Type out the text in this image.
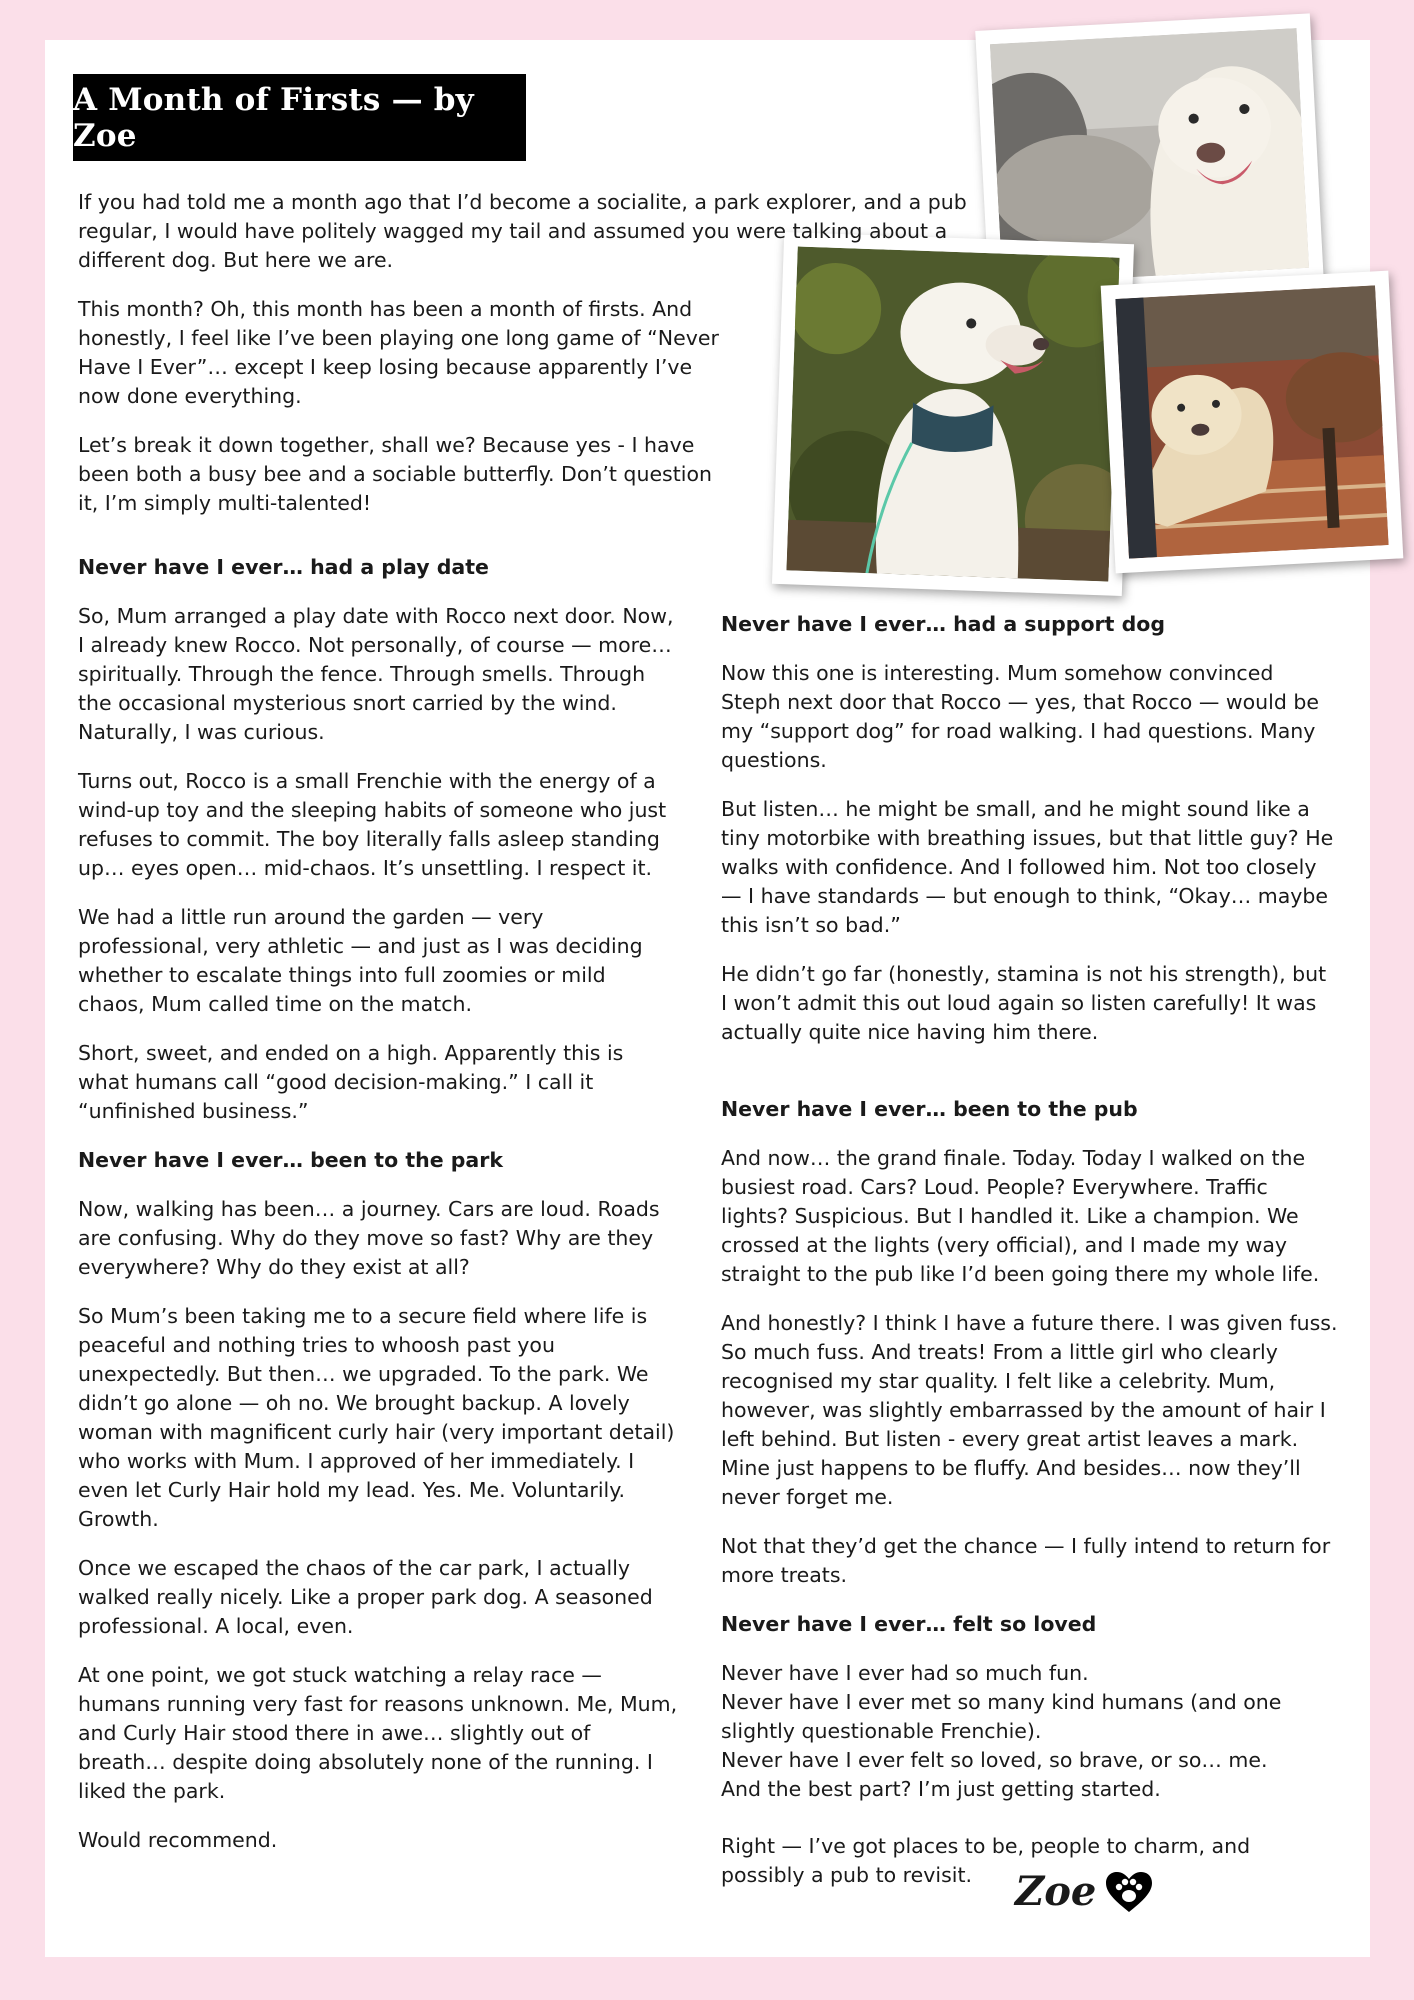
A Month of Firsts — by Zoe

If you had told me a month ago that I’d become a socialite, a park explorer, and a pub regular, I would have politely wagged my tail and assumed you were talking about a different dog. But here we are.

This month? Oh, this month has been a month of firsts. And honestly, I feel like I’ve been playing one long game of “Never Have I Ever”… except I keep losing because apparently I’ve now done everything.

Let’s break it down together, shall we? Because yes - I have been both a busy bee and a sociable butterfly. Don’t question it, I’m simply multi-talented!

Never have I ever… had a play date

So, Mum arranged a play date with Rocco next door. Now, I already knew Rocco. Not personally, of course — more… spiritually. Through the fence. Through smells. Through the occasional mysterious snort carried by the wind. Naturally, I was curious.

Turns out, Rocco is a small Frenchie with the energy of a wind-up toy and the sleeping habits of someone who just refuses to commit. The boy literally falls asleep standing up… eyes open… mid-chaos. It’s unsettling. I respect it.

We had a little run around the garden — very professional, very athletic — and just as I was deciding whether to escalate things into full zoomies or mild chaos, Mum called time on the match.

Short, sweet, and ended on a high. Apparently this is what humans call “good decision-making.” I call it “unfinished business.”

Never have I ever… been to the park

Now, walking has been… a journey. Cars are loud. Roads are confusing. Why do they move so fast? Why are they everywhere? Why do they exist at all?

So Mum’s been taking me to a secure field where life is peaceful and nothing tries to whoosh past you unexpectedly. But then… we upgraded. To the park. We didn’t go alone — oh no. We brought backup. A lovely woman with magnificent curly hair (very important detail) who works with Mum. I approved of her immediately. I even let Curly Hair hold my lead. Yes. Me. Voluntarily. Growth.

Once we escaped the chaos of the car park, I actually walked really nicely. Like a proper park dog. A seasoned professional. A local, even.

At one point, we got stuck watching a relay race — humans running very fast for reasons unknown. Me, Mum, and Curly Hair stood there in awe… slightly out of breath… despite doing absolutely none of the running. I liked the park.

Would recommend.

Never have I ever… had a support dog

Now this one is interesting. Mum somehow convinced Steph next door that Rocco — yes, that Rocco — would be my “support dog” for road walking. I had questions. Many questions.

But listen… he might be small, and he might sound like a tiny motorbike with breathing issues, but that little guy? He walks with confidence. And I followed him. Not too closely — I have standards — but enough to think, “Okay… maybe this isn’t so bad.”

He didn’t go far (honestly, stamina is not his strength), but I won’t admit this out loud again so listen carefully! It was actually quite nice having him there.

Never have I ever… been to the pub

And now… the grand finale. Today. Today I walked on the busiest road. Cars? Loud. People? Everywhere. Traffic lights? Suspicious. But I handled it. Like a champion. We crossed at the lights (very official), and I made my way straight to the pub like I’d been going there my whole life.

And honestly? I think I have a future there. I was given fuss. So much fuss. And treats! From a little girl who clearly recognised my star quality. I felt like a celebrity. Mum, however, was slightly embarrassed by the amount of hair I left behind. But listen - every great artist leaves a mark. Mine just happens to be fluffy. And besides… now they’ll never forget me.

Not that they’d get the chance — I fully intend to return for more treats.

Never have I ever… felt so loved

Never have I ever had so much fun.
Never have I ever met so many kind humans (and one slightly questionable Frenchie).
Never have I ever felt so loved, so brave, or so… me.
And the best part? I’m just getting started.

Right — I’ve got places to be, people to charm, and possibly a pub to revisit.	Zoe
